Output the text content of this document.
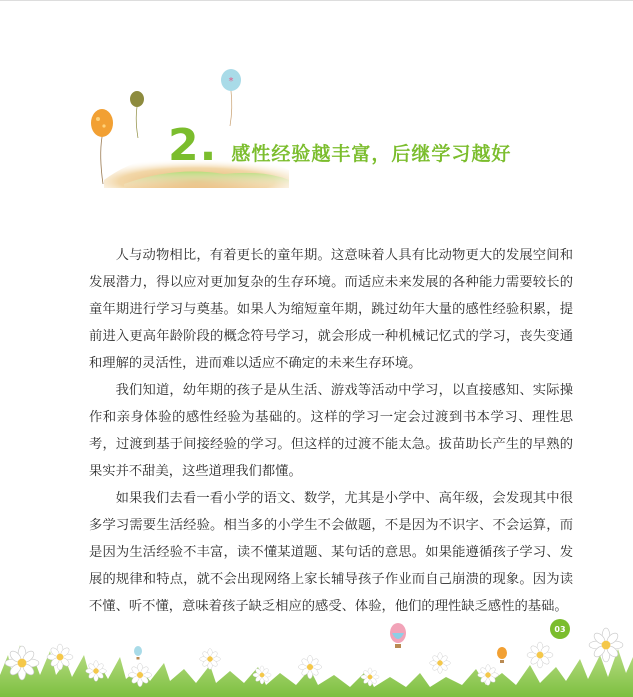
*
2. 感性经验越丰富，后继学习越好

人与动物相比，有着更长的童年期。这意味着人具有比动物更大的发展空间和发展潜力，得以应对更加复杂的生存环境。而适应未来发展的各种能力需要较长的童年期进行学习与奠基。如果人为缩短童年期，跳过幼年大量的感性经验积累，提前进入更高年龄阶段的概念符号学习，就会形成一种机械记忆式的学习，丧失变通和理解的灵活性，进而难以适应不确定的未来生存环境。

我们知道，幼年期的孩子是从生活、游戏等活动中学习，以直接感知、实际操作和亲身体验的感性经验为基础的。这样的学习一定会过渡到书本学习、理性思考，过渡到基于间接经验的学习。但这样的过渡不能太急。拔苗助长产生的早熟的果实并不甜美，这些道理我们都懂。

如果我们去看一看小学的语文、数学，尤其是小学中、高年级，会发现其中很多学习需要生活经验。相当多的小学生不会做题，不是因为不识字、不会运算，而是因为生活经验不丰富，读不懂某道题、某句话的意思。如果能遵循孩子学习、发展的规律和特点，就不会出现网络上家长辅导孩子作业而自己崩溃的现象。因为读不懂、听不懂，意味着孩子缺乏相应的感受、体验，他们的理性缺乏感性的基础。

03
